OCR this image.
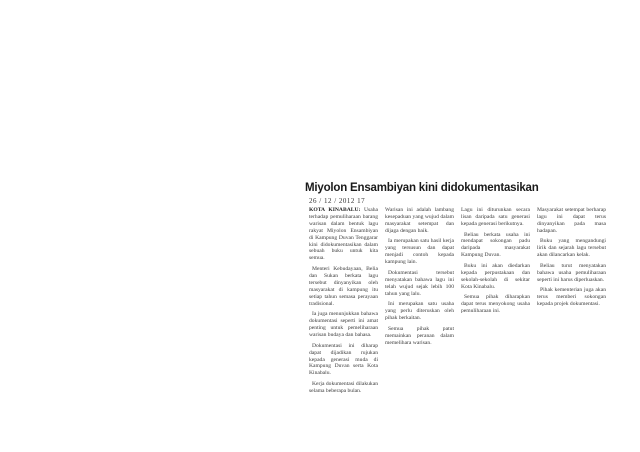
Miyolon Ensambiyan kini didokumentasikan
26 / 12 / 2012 17

KOTA KINABALU: Usaha terhadap pemuliharaan barang warisan dalam bentuk lagu rakyat Miyolon Ensambiyan di Kampung Duvan Tenggarar kini didokumentasikan dalam sebuah buku untuk kita semua.

Menteri Kebudayaan, Belia dan Sukan berkata lagu tersebut dinyanyikan oleh masyarakat di kampung itu setiap tahun semasa perayaan tradisional.

Ia juga menunjukkan bahawa dokumentasi seperti ini amat penting untuk pemeliharaan warisan budaya dan bahasa.

Dokumentasi ini diharap dapat dijadikan rujukan kepada generasi muda di Kampung Duvan serta Kota Kinabalu.

Kerja dokumentasi dilakukan selama beberapa bulan.

Warisan ini adalah lambang kesepaduan yang wujud dalam masyarakat setempat dan dijaga dengan baik.

Ia merupakan satu hasil kerja yang tersusun dan dapat menjadi contoh kepada kampung lain.

Dokumentasi tersebut menyatakan bahawa lagu ini telah wujud sejak lebih 100 tahun yang lalu.

Ini merupakan satu usaha yang perlu diteruskan oleh pihak berkaitan.

Semua pihak patut memainkan peranan dalam memelihara warisan.

Lagu ini diturunkan secara lisan daripada satu generasi kepada generasi berikutnya.

Beliau berkata usaha ini mendapat sokongan padu daripada masyarakat Kampung Duvan.

Buku ini akan diedarkan kepada perpustakaan dan sekolah-sekolah di sekitar Kota Kinabalu.

Semua pihak diharapkan dapat terus menyokong usaha pemuliharaan ini.

Masyarakat setempat berharap lagu ini dapat terus dinyanyikan pada masa hadapan.

Buku yang mengandungi lirik dan sejarah lagu tersebut akan dilancarkan kelak.

Beliau turut menyatakan bahawa usaha pemuliharaan seperti ini harus diperluaskan.

Pihak kementerian juga akan terus memberi sokongan kepada projek dokumentasi.
